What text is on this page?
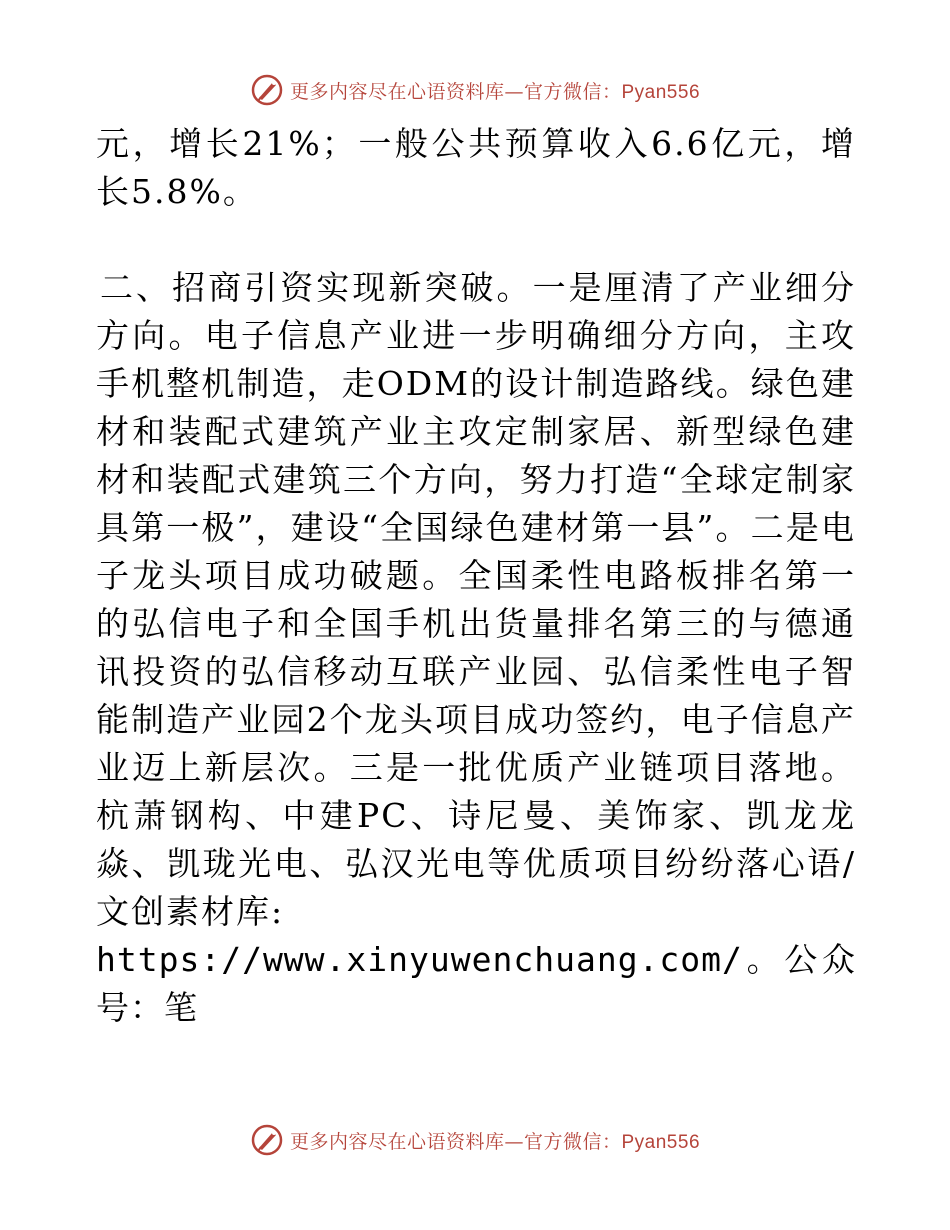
更多内容尽在心语资料库—官方微信：Pyan556

元，增长21%；一般公共预算收入6.6亿元，增长5.8%。

二、招商引资实现新突破。一是厘清了产业细分方向。电子信息产业进一步明确细分方向，主攻手机整机制造，走ODM的设计制造路线。绿色建材和装配式建筑产业主攻定制家居、新型绿色建材和装配式建筑三个方向，努力打造“全球定制家具第一极”，建设“全国绿色建材第一县”。二是电子龙头项目成功破题。全国柔性电路板排名第一的弘信电子和全国手机出货量排名第三的与德通讯投资的弘信移动互联产业园、弘信柔性电子智能制造产业园2个龙头项目成功签约，电子信息产业迈上新层次。三是一批优质产业链项目落地。杭萧钢构、中建PC、诗尼曼、美饰家、凯龙龙焱、凯珑光电、弘汉光电等优质项目纷纷落心语/文创素材库:
https://www.xinyuwenchuang.com/。公众号：笔

更多内容尽在心语资料库—官方微信：Pyan556
